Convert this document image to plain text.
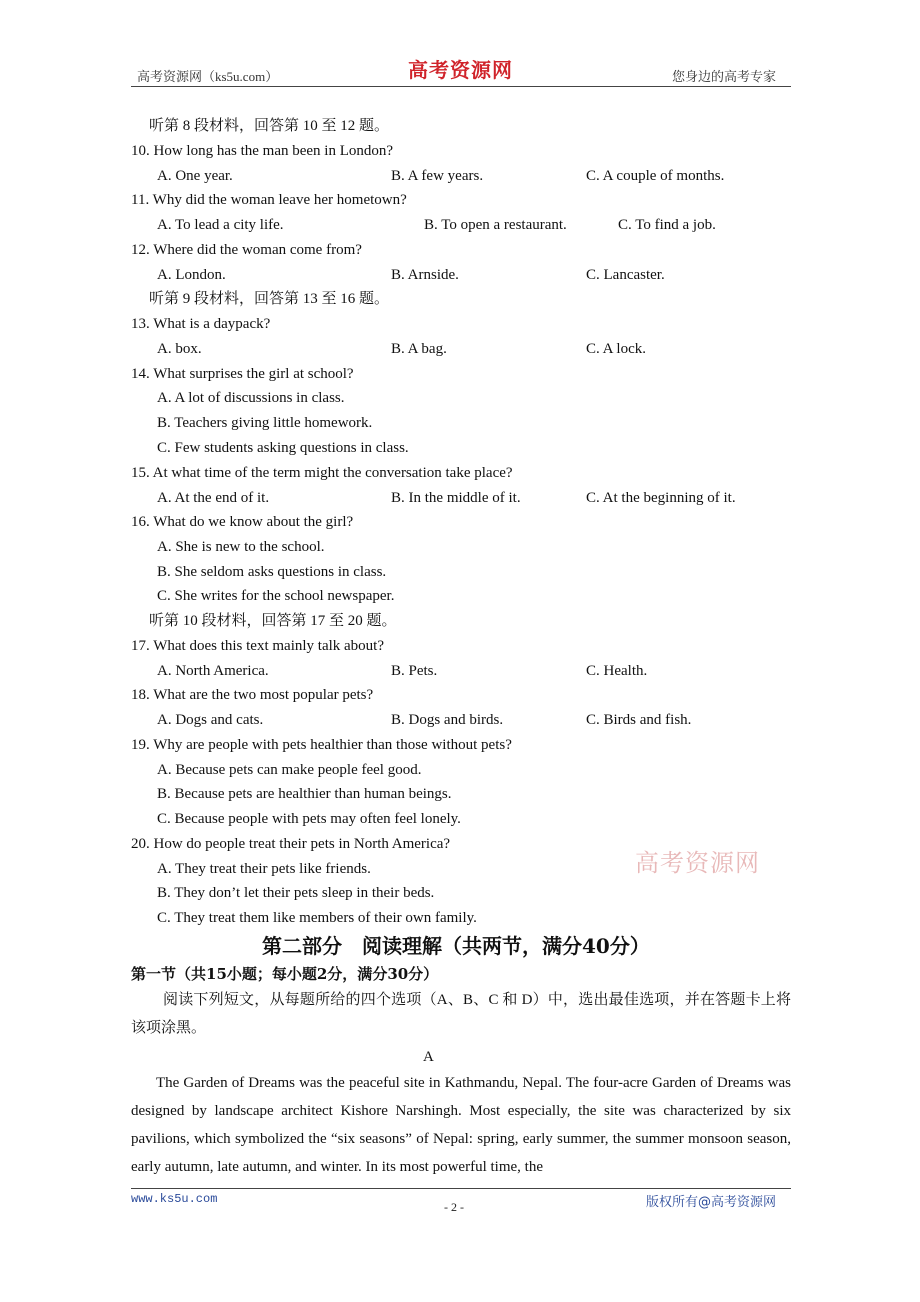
高考资源网（ks5u.com）	高考资源网	您身边的高考专家
听第 8 段材料，回答第 10 至 12 题。
10. How long has the man been in London?
A. One year.	B. A few years.	C. A couple of months.
11. Why did the woman leave her hometown?
A. To lead a city life.	B. To open a restaurant.	C. To find a job.
12. Where did the woman come from?
A. London.	B. Arnside.	C. Lancaster.
听第 9 段材料，回答第 13 至 16 题。
13. What is a daypack?
A. box.	B. A bag.	C. A lock.
14. What surprises the girl at school?
A. A lot of discussions in class.
B. Teachers giving little homework.
C. Few students asking questions in class.
15. At what time of the term might the conversation take place?
A. At the end of it.	B. In the middle of it.	C. At the beginning of it.
16. What do we know about the girl?
A. She is new to the school.
B. She seldom asks questions in class.
C. She writes for the school newspaper.
听第 10 段材料，回答第 17 至 20 题。
17. What does this text mainly talk about?
A. North America.	B. Pets.	C. Health.
18. What are the two most popular pets?
A. Dogs and cats.	B. Dogs and birds.	C. Birds and fish.
19. Why are people with pets healthier than those without pets?
A. Because pets can make people feel good.
B. Because pets are healthier than human beings.
C. Because people with pets may often feel lonely.
20. How do people treat their pets in North America?
A. They treat their pets like friends.
B. They don’t let their pets sleep in their beds.
C. They treat them like members of their own family.
高考资源网
第二部分　阅读理解（共两节，满分40分）
第一节（共15小题；每小题2分，满分30分）
阅读下列短文，从每题所给的四个选项（A、B、C 和 D）中，选出最佳选项，并在答题卡上将该项涂黑。
A
The Garden of Dreams was the peaceful site in Kathmandu, Nepal. The four-acre Garden of Dreams was designed by landscape architect Kishore Narshingh. Most especially, the site was characterized by six pavilions, which symbolized the “six seasons” of Nepal: spring, early summer, the summer monsoon season, early autumn, late autumn, and winter. In its most powerful time, the
www.ks5u.com
- 2 -	版权所有@高考资源网
